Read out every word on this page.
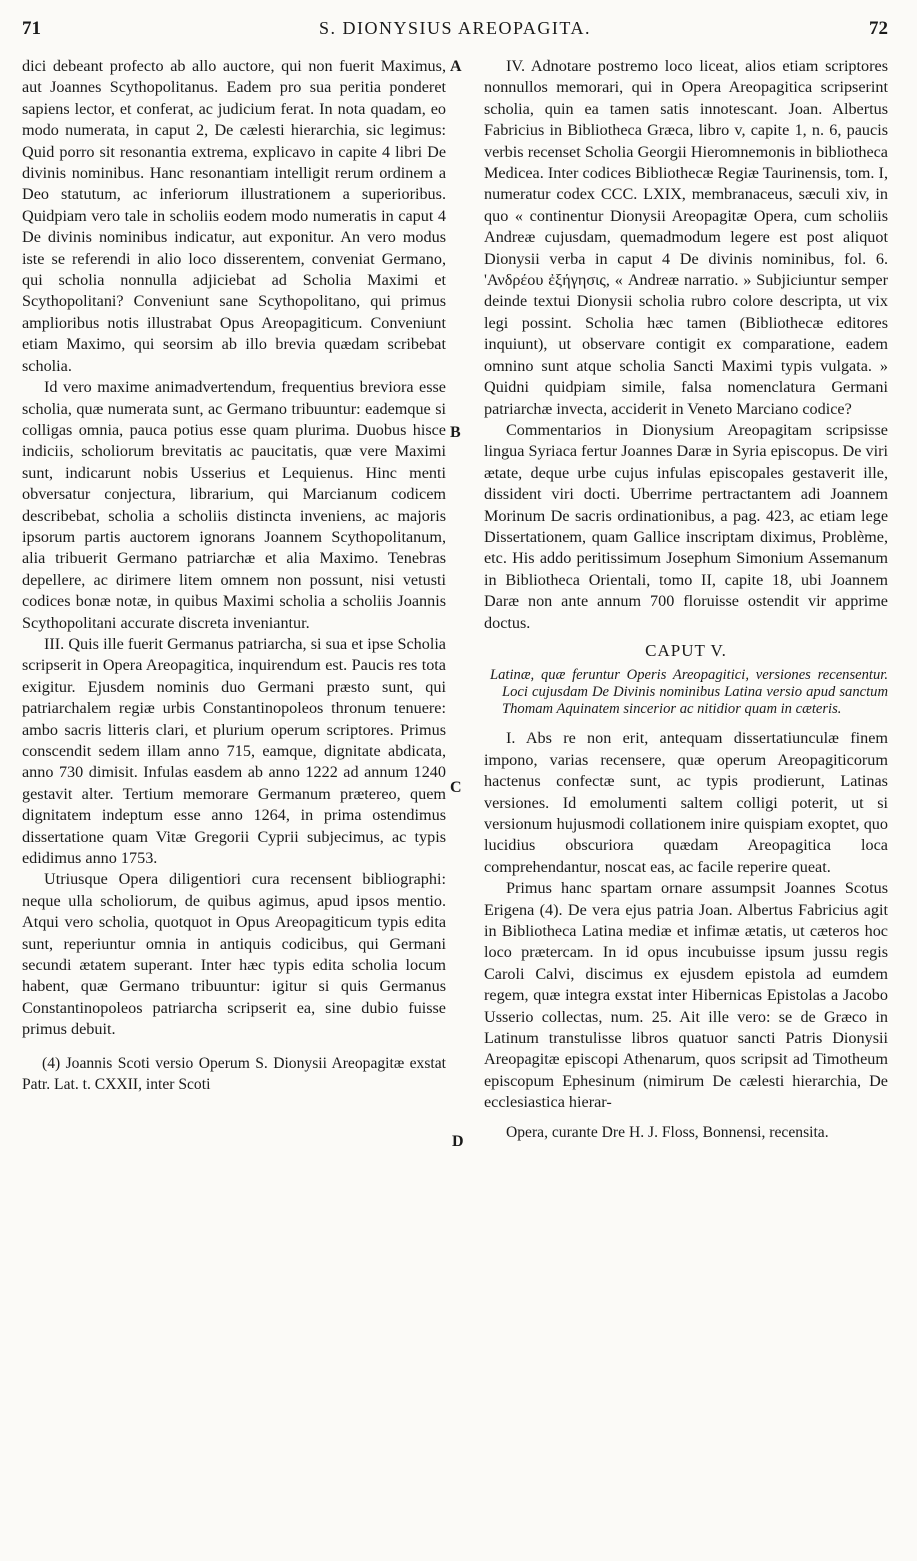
71	S. DIONYSIUS AREOPAGITA.	72
A
B
C
D

dici debeant profecto ab allo auctore, qui non fuerit Maximus, aut Joannes Scythopolitanus. Eadem pro sua peritia ponderet sapiens lector, et conferat, ac judicium ferat. In nota quadam, eo modo numerata, in caput 2, De cælesti hierarchia, sic legimus: Quid porro sit resonantia extrema, explicavo in capite 4 libri De divinis nominibus. Hanc resonantiam intelligit rerum ordinem a Deo statutum, ac inferiorum illustrationem a superioribus. Quidpiam vero tale in scholiis eodem modo numeratis in caput 4 De divinis nominibus indicatur, aut exponitur. An vero modus iste se referendi in alio loco disserentem, conveniat Germano, qui scholia nonnulla adjiciebat ad Scholia Maximi et Scythopolitani? Conveniunt sane Scythopolitano, qui primus amplioribus notis illustrabat Opus Areopagiticum. Conveniunt etiam Maximo, qui seorsim ab illo brevia quædam scribebat scholia.

Id vero maxime animadvertendum, frequentius breviora esse scholia, quæ numerata sunt, ac Germano tribuuntur: eademque si colligas omnia, pauca potius esse quam plurima. Duobus hisce indiciis, scholiorum brevitatis ac paucitatis, quæ vere Maximi sunt, indicarunt nobis Usserius et Lequienus. Hinc menti obversatur conjectura, librarium, qui Marcianum codicem describebat, scholia a scholiis distincta inveniens, ac majoris ipsorum partis auctorem ignorans Joannem Scythopolitanum, alia tribuerit Germano patriarchæ et alia Maximo. Tenebras depellere, ac dirimere litem omnem non possunt, nisi vetusti codices bonæ notæ, in quibus Maximi scholia a scholiis Joannis Scythopolitani accurate discreta inveniantur.

III. Quis ille fuerit Germanus patriarcha, si sua et ipse Scholia scripserit in Opera Areopagitica, inquirendum est. Paucis res tota exigitur. Ejusdem nominis duo Germani præsto sunt, qui patriarchalem regiæ urbis Constantinopoleos thronum tenuere: ambo sacris litteris clari, et plurium operum scriptores. Primus conscendit sedem illam anno 715, eamque, dignitate abdicata, anno 730 dimisit. Infulas easdem ab anno 1222 ad annum 1240 gestavit alter. Tertium memorare Germanum prætereo, quem dignitatem indeptum esse anno 1264, in prima ostendimus dissertatione quam Vitæ Gregorii Cyprii subjecimus, ac typis edidimus anno 1753.

Utriusque Opera diligentiori cura recensent bibliographi: neque ulla scholiorum, de quibus agimus, apud ipsos mentio. Atqui vero scholia, quotquot in Opus Areopagiticum typis edita sunt, reperiuntur omnia in antiquis codicibus, qui Germani secundi ætatem superant. Inter hæc typis edita scholia locum habent, quæ Germano tribuuntur: igitur si quis Germanus Constantinopoleos patriarcha scripserit ea, sine dubio fuisse primus debuit.

(4) Joannis Scoti versio Operum S. Dionysii Areopagitæ exstat Patr. Lat. t. CXXII, inter Scoti

IV. Adnotare postremo loco liceat, alios etiam scriptores nonnullos memorari, qui in Opera Areopagitica scripserint scholia, quin ea tamen satis innotescant. Joan. Albertus Fabricius in Bibliotheca Græca, libro v, capite 1, n. 6, paucis verbis recenset Scholia Georgii Hieromnemonis in bibliotheca Medicea. Inter codices Bibliothecæ Regiæ Taurinensis, tom. I, numeratur codex CCC. LXIX, membranaceus, sæculi xiv, in quo « continentur Dionysii Areopagitæ Opera, cum scholiis Andreæ cujusdam, quemadmodum legere est post aliquot Dionysii verba in caput 4 De divinis nominibus, fol. 6. 'Ανδρέου ἐξήγησις, « Andreæ narratio. » Subjiciuntur semper deinde textui Dionysii scholia rubro colore descripta, ut vix legi possint. Scholia hæc tamen (Bibliothecæ editores inquiunt), ut observare contigit ex comparatione, eadem omnino sunt atque scholia Sancti Maximi typis vulgata. » Quidni quidpiam simile, falsa nomenclatura Germani patriarchæ invecta, acciderit in Veneto Marciano codice?

Commentarios in Dionysium Areopagitam scripsisse lingua Syriaca fertur Joannes Daræ in Syria episcopus. De viri ætate, deque urbe cujus infulas episcopales gestaverit ille, dissident viri docti. Uberrime pertractantem adi Joannem Morinum De sacris ordinationibus, a pag. 423, ac etiam lege Dissertationem, quam Gallice inscriptam diximus, Problème, etc. His addo peritissimum Josephum Simonium Assemanum in Bibliotheca Orientali, tomo II, capite 18, ubi Joannem Daræ non ante annum 700 floruisse ostendit vir apprime doctus.

CAPUT V.

Latinæ, quæ feruntur Operis Areopagitici, versiones recensentur. Loci cujusdam De Divinis nominibus Latina versio apud sanctum Thomam Aquinatem sincerior ac nitidior quam in cæteris.

I. Abs re non erit, antequam dissertatiunculæ finem impono, varias recensere, quæ operum Areopagiticorum hactenus confectæ sunt, ac typis prodierunt, Latinas versiones. Id emolumenti saltem colligi poterit, ut si versionum hujusmodi collationem inire quispiam exoptet, quo lucidius obscuriora quædam Areopagitica loca comprehendantur, noscat eas, ac facile reperire queat.

Primus hanc spartam ornare assumpsit Joannes Scotus Erigena (4). De vera ejus patria Joan. Albertus Fabricius agit in Bibliotheca Latina mediæ et infimæ ætatis, ut cæteros hoc loco prætercam. In id opus incubuisse ipsum jussu regis Caroli Calvi, discimus ex ejusdem epistola ad eumdem regem, quæ integra exstat inter Hibernicas Epistolas a Jacobo Usserio collectas, num. 25. Ait ille vero: se de Græco in Latinum transtulisse libros quatuor sancti Patris Dionysii Areopagitæ episcopi Athenarum, quos scripsit ad Timotheum episcopum Ephesinum (nimirum De cælesti hierarchia, De ecclesiastica hierar-

Opera, curante Dre H. J. Floss, Bonnensi, recensita.
